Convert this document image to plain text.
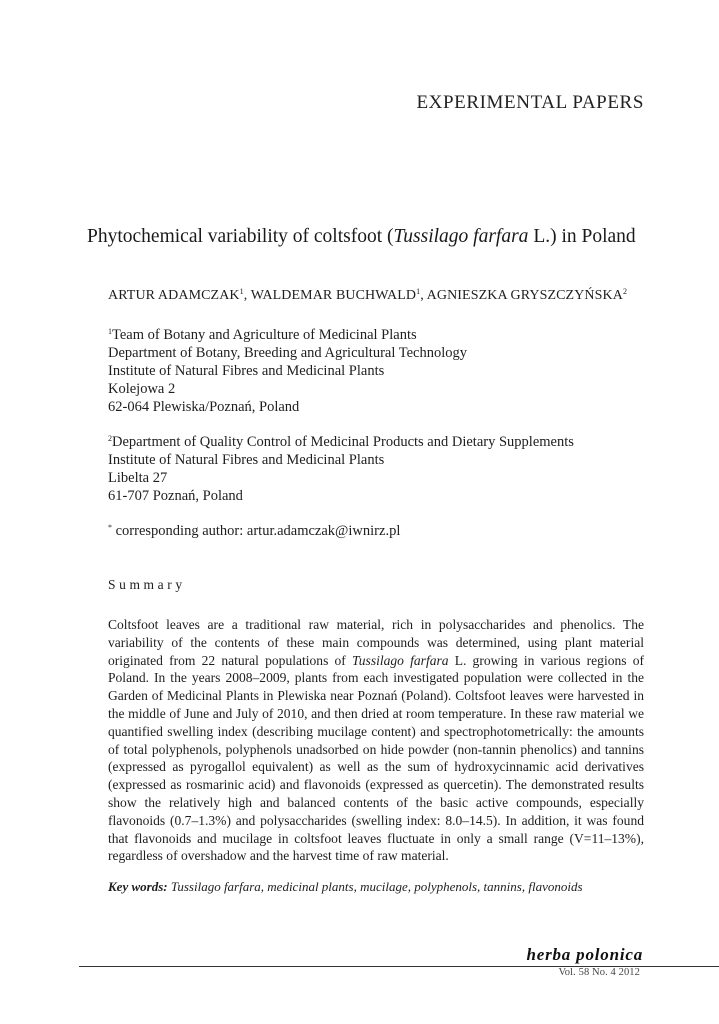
EXPERIMENTAL PAPERS
Phytochemical variability of coltsfoot (Tussilago farfara L.) in Poland
ARTUR ADAMCZAK$^1$, WALDEMAR BUCHWALD$^1$, AGNIESZKA GRYSZCZYŃSKA$^2$
$^1$Team of Botany and Agriculture of Medicinal Plants
Department of Botany, Breeding and Agricultural Technology
Institute of Natural Fibres and Medicinal Plants
Kolejowa 2
62-064 Plewiska/Poznań, Poland
$^2$Department of Quality Control of Medicinal Products and Dietary Supplements
Institute of Natural Fibres and Medicinal Plants
Libelta 27
61-707 Poznań, Poland
* corresponding author: artur.adamczak@iwnirz.pl
Summary

Coltsfoot leaves are a traditional raw material, rich in polysaccharides and phenolics. The variability of the contents of these main compounds was determined, using plant material originated from 22 natural populations of Tussilago farfara L. growing in various regions of Poland. In the years 2008–2009, plants from each investigated population were collected in the Garden of Medicinal Plants in Plewiska near Poznań (Poland). Coltsfoot leaves were harvested in the middle of June and July of 2010, and then dried at room temperature. In these raw material we quantified swelling index (describing mucilage content) and spectrophotometrically: the amounts of total polyphenols, polyphenols unadsorbed on hide powder (non-tannin phenolics) and tannins (expressed as pyrogallol equivalent) as well as the sum of hydroxycinnamic acid derivatives (expressed as rosmarinic acid) and flavonoids (expressed as quercetin). The demonstrated results show the relatively high and balanced contents of the basic active compounds, especially flavonoids (0.7–1.3%) and polysaccharides (swelling index: 8.0–14.5). In addition, it was found that flavonoids and mucilage in coltsfoot leaves fluctuate in only a small range (V=11–13%), regardless of overshadow and the harvest time of raw material.

Key words: Tussilago farfara, medicinal plants, mucilage, polyphenols, tannins, flavonoids
herba polonica
Vol. 58 No. 4 2012
